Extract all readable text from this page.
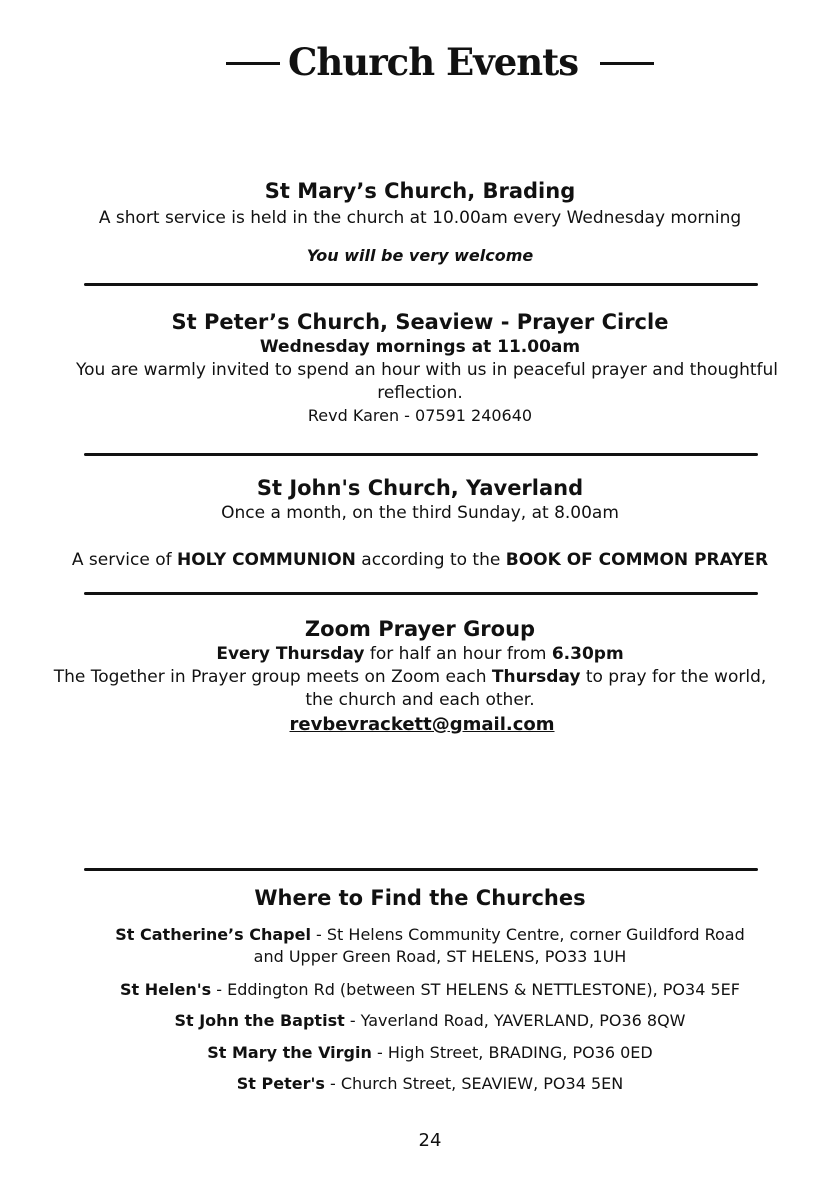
Church Events
St Mary’s Church, Brading
A short service is held in the church at 10.00am every Wednesday morning
You will be very welcome
St Peter’s Church, Seaview - Prayer Circle
Wednesday mornings at 11.00am
You are warmly invited to spend an hour with us in peaceful prayer and thoughtful
reflection.
Revd Karen - 07591 240640
St John's Church, Yaverland
Once a month, on the third Sunday, at 8.00am
A service of HOLY COMMUNION according to the BOOK OF COMMON PRAYER
Zoom Prayer Group
Every Thursday for half an hour from 6.30pm
The Together in Prayer group meets on Zoom each Thursday to pray for the world,
the church and each other.
revbevrackett@gmail.com
Where to Find the Churches
St Catherine’s Chapel - St Helens Community Centre, corner Guildford Road
and Upper Green Road, ST HELENS, PO33 1UH
St Helen's - Eddington Rd (between ST HELENS & NETTLESTONE), PO34 5EF
St John the Baptist - Yaverland Road, YAVERLAND, PO36 8QW
St Mary the Virgin - High Street, BRADING, PO36 0ED
St Peter's - Church Street, SEAVIEW, PO34 5EN
24
